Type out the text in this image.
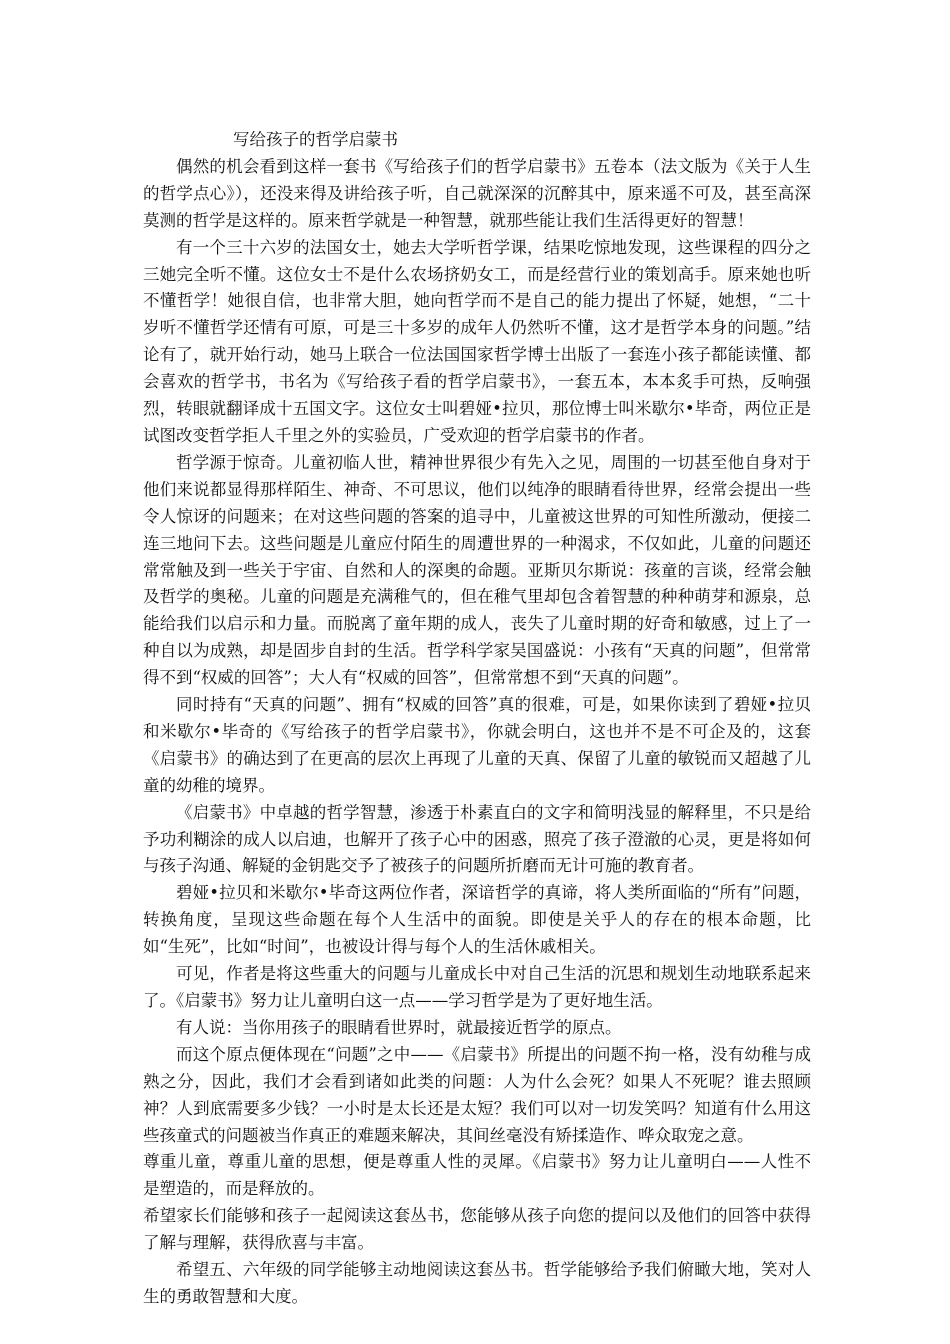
写给孩子的哲学启蒙书

偶然的机会看到这样一套书《写给孩子们的哲学启蒙书》五卷本（法文版为《关于人生的哲学点心》），还没来得及讲给孩子听，自己就深深的沉醉其中，原来遥不可及，甚至高深莫测的哲学是这样的。原来哲学就是一种智慧，就那些能让我们生活得更好的智慧！

有一个三十六岁的法国女士，她去大学听哲学课，结果吃惊地发现，这些课程的四分之三她完全听不懂。这位女士不是什么农场挤奶女工，而是经营行业的策划高手。原来她也听不懂哲学！她很自信，也非常大胆，她向哲学而不是自己的能力提出了怀疑，她想，“二十岁听不懂哲学还情有可原，可是三十多岁的成年人仍然听不懂，这才是哲学本身的问题。”结论有了，就开始行动，她马上联合一位法国国家哲学博士出版了一套连小孩子都能读懂、都会喜欢的哲学书，书名为《写给孩子看的哲学启蒙书》，一套五本，本本炙手可热，反响强烈，转眼就翻译成十五国文字。这位女士叫碧娅•拉贝，那位博士叫米歇尔•毕奇，两位正是试图改变哲学拒人千里之外的实验员，广受欢迎的哲学启蒙书的作者。

哲学源于惊奇。儿童初临人世，精神世界很少有先入之见，周围的一切甚至他自身对于他们来说都显得那样陌生、神奇、不可思议，他们以纯净的眼睛看待世界，经常会提出一些令人惊讶的问题来；在对这些问题的答案的追寻中，儿童被这世界的可知性所激动，便接二连三地问下去。这些问题是儿童应付陌生的周遭世界的一种渴求，不仅如此，儿童的问题还常常触及到一些关于宇宙、自然和人的深奥的命题。亚斯贝尔斯说：孩童的言谈，经常会触及哲学的奥秘。儿童的问题是充满稚气的，但在稚气里却包含着智慧的种种萌芽和源泉，总能给我们以启示和力量。而脱离了童年期的成人，丧失了儿童时期的好奇和敏感，过上了一种自以为成熟，却是固步自封的生活。哲学科学家吴国盛说：小孩有“天真的问题”，但常常得不到“权威的回答”；大人有“权威的回答”，但常常想不到“天真的问题”。

同时持有“天真的问题”、拥有“权威的回答”真的很难，可是，如果你读到了碧娅•拉贝和米歇尔•毕奇的《写给孩子的哲学启蒙书》，你就会明白，这也并不是不可企及的，这套《启蒙书》的确达到了在更高的层次上再现了儿童的天真、保留了儿童的敏锐而又超越了儿童的幼稚的境界。

《启蒙书》中卓越的哲学智慧，渗透于朴素直白的文字和简明浅显的解释里，不只是给予功利糊涂的成人以启迪，也解开了孩子心中的困惑，照亮了孩子澄澈的心灵，更是将如何与孩子沟通、解疑的金钥匙交予了被孩子的问题所折磨而无计可施的教育者。

碧娅•拉贝和米歇尔•毕奇这两位作者，深谙哲学的真谛，将人类所面临的“所有”问题，转换角度，呈现这些命题在每个人生活中的面貌。即使是关乎人的存在的根本命题，比如“生死”，比如“时间”，也被设计得与每个人的生活休戚相关。

可见，作者是将这些重大的问题与儿童成长中对自己生活的沉思和规划生动地联系起来了。《启蒙书》努力让儿童明白这一点——学习哲学是为了更好地生活。

有人说：当你用孩子的眼睛看世界时，就最接近哲学的原点。

而这个原点便体现在“问题”之中——《启蒙书》所提出的问题不拘一格，没有幼稚与成熟之分，因此，我们才会看到诸如此类的问题：人为什么会死？如果人不死呢？谁去照顾神？人到底需要多少钱？一小时是太长还是太短？我们可以对一切发笑吗？知道有什么用这些孩童式的问题被当作真正的难题来解决，其间丝毫没有矫揉造作、哗众取宠之意。

尊重儿童，尊重儿童的思想，便是尊重人性的灵犀。《启蒙书》努力让儿童明白——人性不是塑造的，而是释放的。

希望家长们能够和孩子一起阅读这套丛书，您能够从孩子向您的提问以及他们的回答中获得了解与理解，获得欣喜与丰富。

希望五、六年级的同学能够主动地阅读这套丛书。哲学能够给予我们俯瞰大地，笑对人生的勇敢智慧和大度。
